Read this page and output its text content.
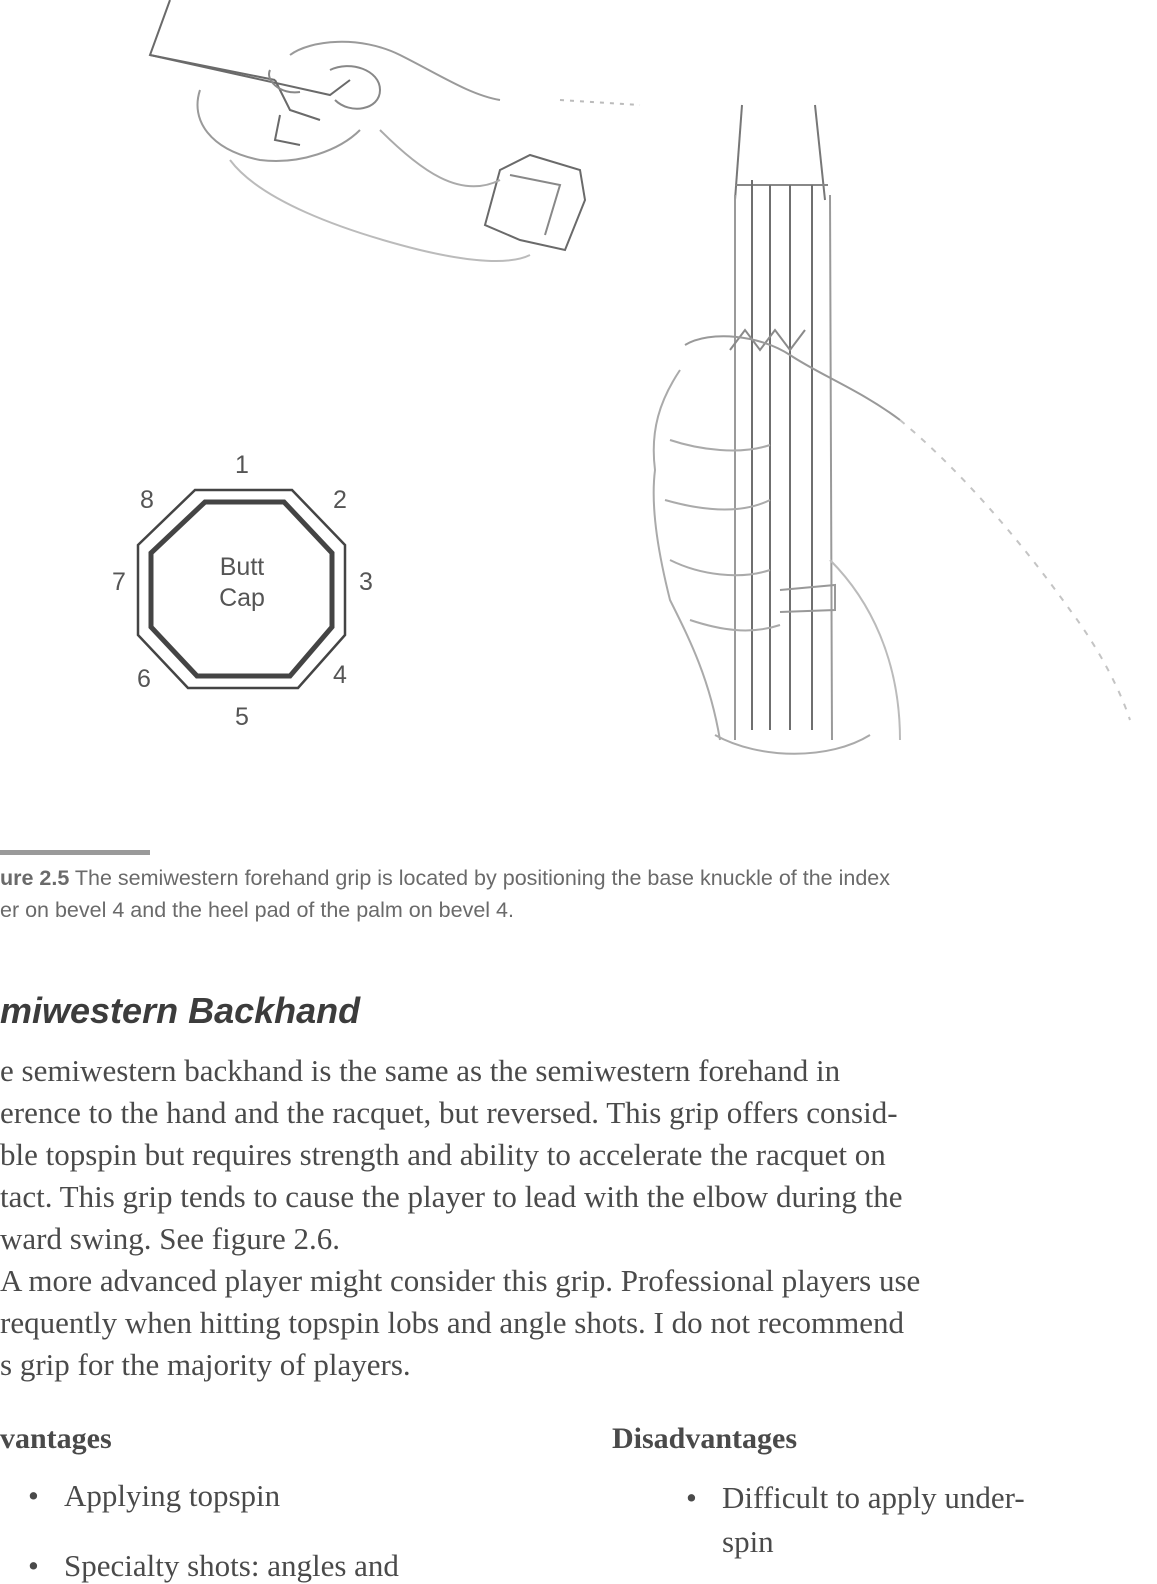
Butt
Cap
1
2
3
4
5
6
7
8

ure 2.5 The semiwestern forehand grip is located by positioning the base knuckle of the index
er on bevel 4 and the heel pad of the palm on bevel 4.

miwestern Backhand

e semiwestern backhand is the same as the semiwestern forehand in

erence to the hand and the racquet, but reversed. This grip offers consid-

ble topspin but requires strength and ability to accelerate the racquet on

tact. This grip tends to cause the player to lead with the elbow during the

ward swing. See figure 2.6.

A more advanced player might consider this grip. Professional players use

requently when hitting topspin lobs and angle shots. I do not recommend

s grip for the majority of players.

vantages	Disadvantages

• Applying topspin

• Specialty shots: angles and

• Difficult to apply under-

spin
